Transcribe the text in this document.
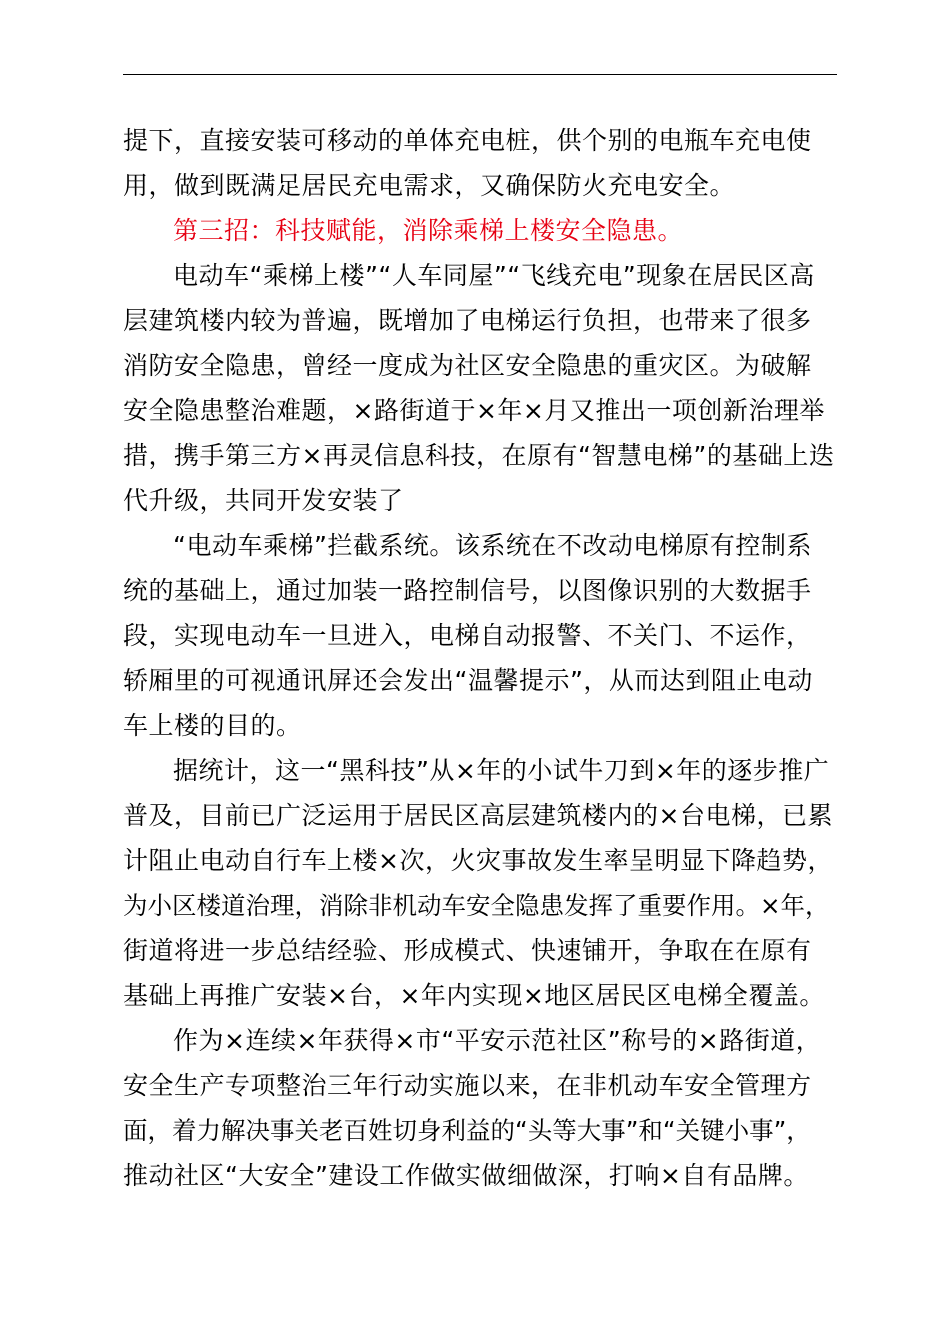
提下，直接安装可移动的单体充电桩，供个别的电瓶车充电使
用，做到既满足居民充电需求，又确保防火充电安全。
第三招：科技赋能，消除乘梯上楼安全隐患。
电动车“乘梯上楼”“人车同屋”“飞线充电”现象在居民区高
层建筑楼内较为普遍，既增加了电梯运行负担，也带来了很多
消防安全隐患，曾经一度成为社区安全隐患的重灾区。为破解
安全隐患整治难题，×路街道于×年×月又推出一项创新治理举
措，携手第三方×再灵信息科技，在原有“智慧电梯”的基础上迭
代升级，共同开发安装了
“电动车乘梯”拦截系统。该系统在不改动电梯原有控制系
统的基础上，通过加装一路控制信号，以图像识别的大数据手
段，实现电动车一旦进入，电梯自动报警、不关门、不运作，
轿厢里的可视通讯屏还会发出“温馨提示”，从而达到阻止电动
车上楼的目的。
据统计，这一“黑科技”从×年的小试牛刀到×年的逐步推广
普及，目前已广泛运用于居民区高层建筑楼内的×台电梯，已累
计阻止电动自行车上楼×次，火灾事故发生率呈明显下降趋势，
为小区楼道治理，消除非机动车安全隐患发挥了重要作用。×年，
街道将进一步总结经验、形成模式、快速铺开，争取在在原有
基础上再推广安装×台，×年内实现×地区居民区电梯全覆盖。
作为×连续×年获得×市“平安示范社区”称号的×路街道，
安全生产专项整治三年行动实施以来，在非机动车安全管理方
面，着力解决事关老百姓切身利益的“头等大事”和“关键小事”，
推动社区“大安全”建设工作做实做细做深，打响×自有品牌。
